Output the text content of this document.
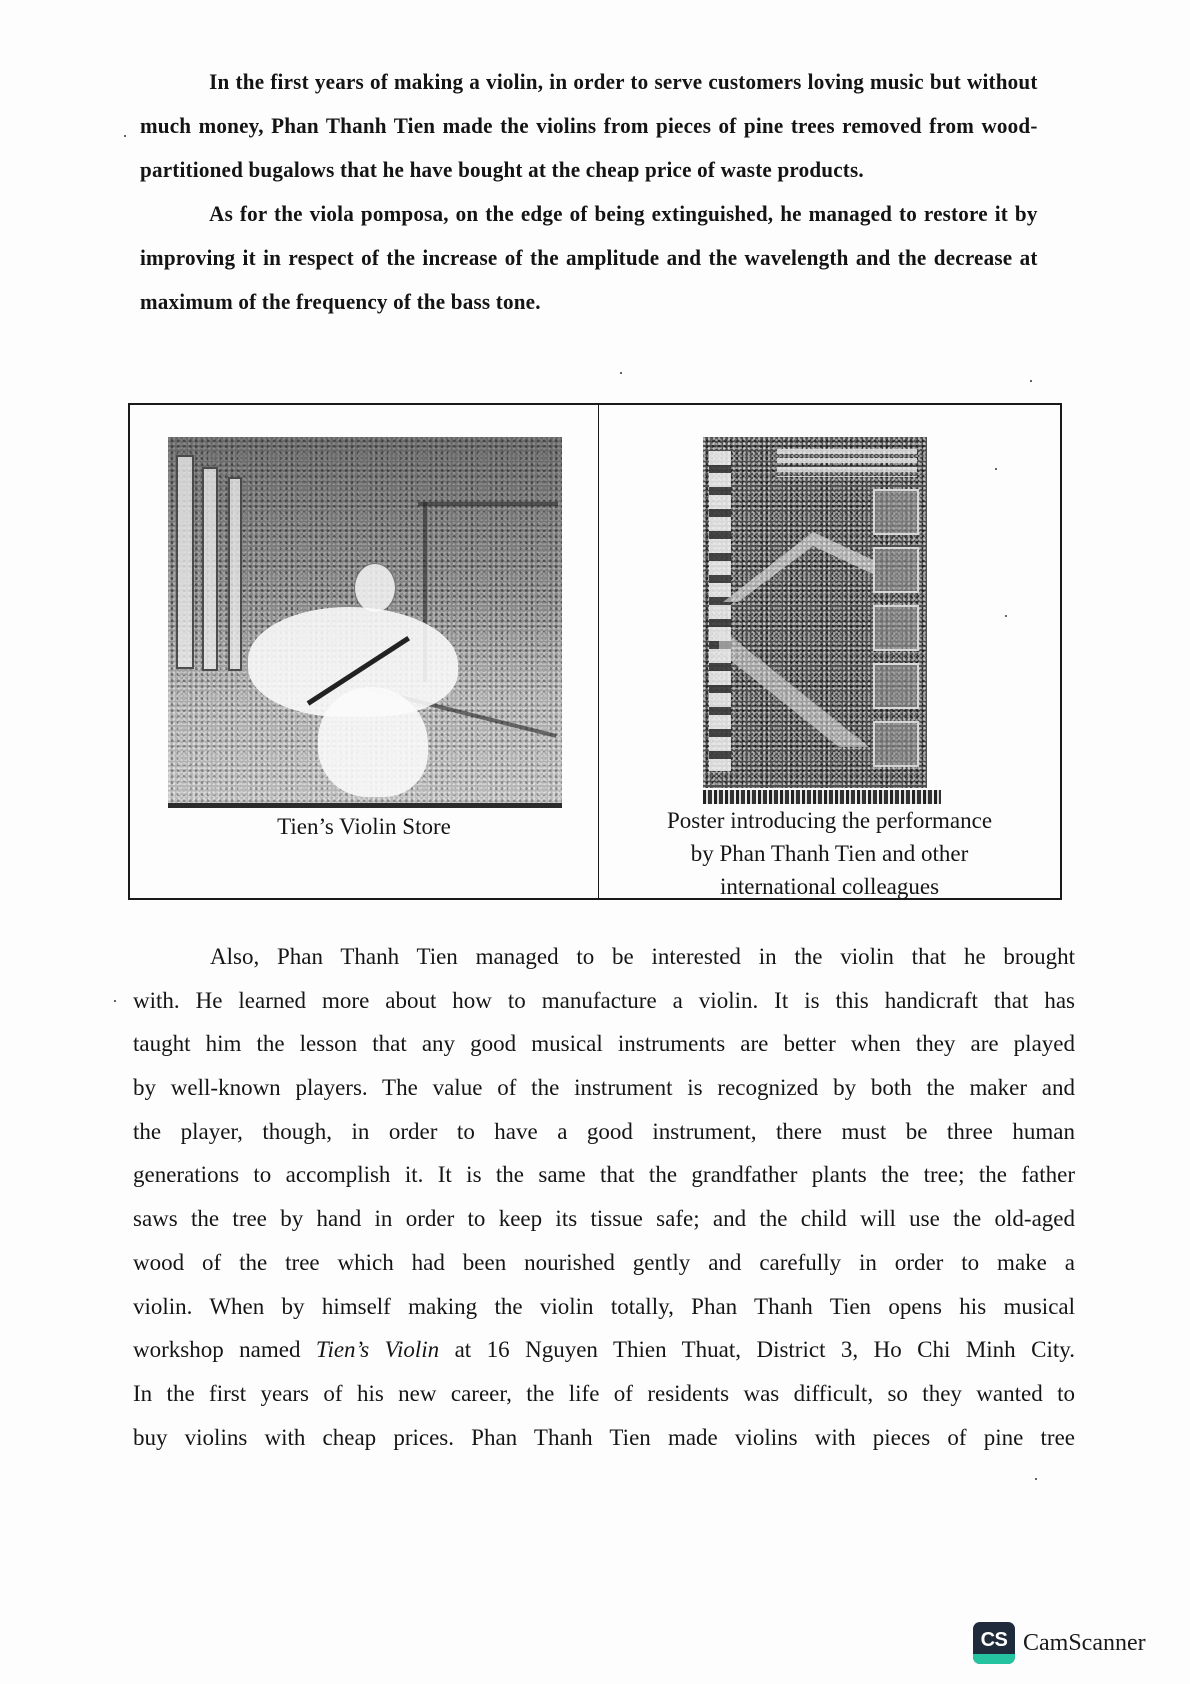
In the first years of making a violin, in order to serve customers loving music but without much money, Phan Thanh Tien made the violins from pieces of pine trees removed from wood-partitioned bugalows that he have bought at the cheap price of waste products.

As for the viola pomposa, on the edge of being extinguished, he managed to restore it by improving it in respect of the increase of the amplitude and the wavelength and the decrease at maximum of the frequency of the bass tone.

Tien’s Violin Store	Poster introducing the performance
by Phan Thanh Tien and other
international colleagues
Also, Phan Thanh Tien managed to be interested in the violin that he brought
with. He learned more about how to manufacture a violin. It is this handicraft that has
taught him the lesson that any good musical instruments are better when they are played
by well-known players. The value of the instrument is recognized by both the maker and
the player, though, in order to have a good instrument, there must be three human
generations to accomplish it. It is the same that the grandfather plants the tree; the father
saws the tree by hand in order to keep its tissue safe; and the child will use the old-aged
wood of the tree which had been nourished gently and carefully in order to make a
violin. When by himself making the violin totally, Phan Thanh Tien opens his musical
workshop named Tien’s Violin at 16 Nguyen Thien Thuat, District 3, Ho Chi Minh City.
In the first years of his new career, the life of residents was difficult, so they wanted to
buy violins with cheap prices. Phan Thanh Tien made violins with pieces of pine tree
CS CamScanner
